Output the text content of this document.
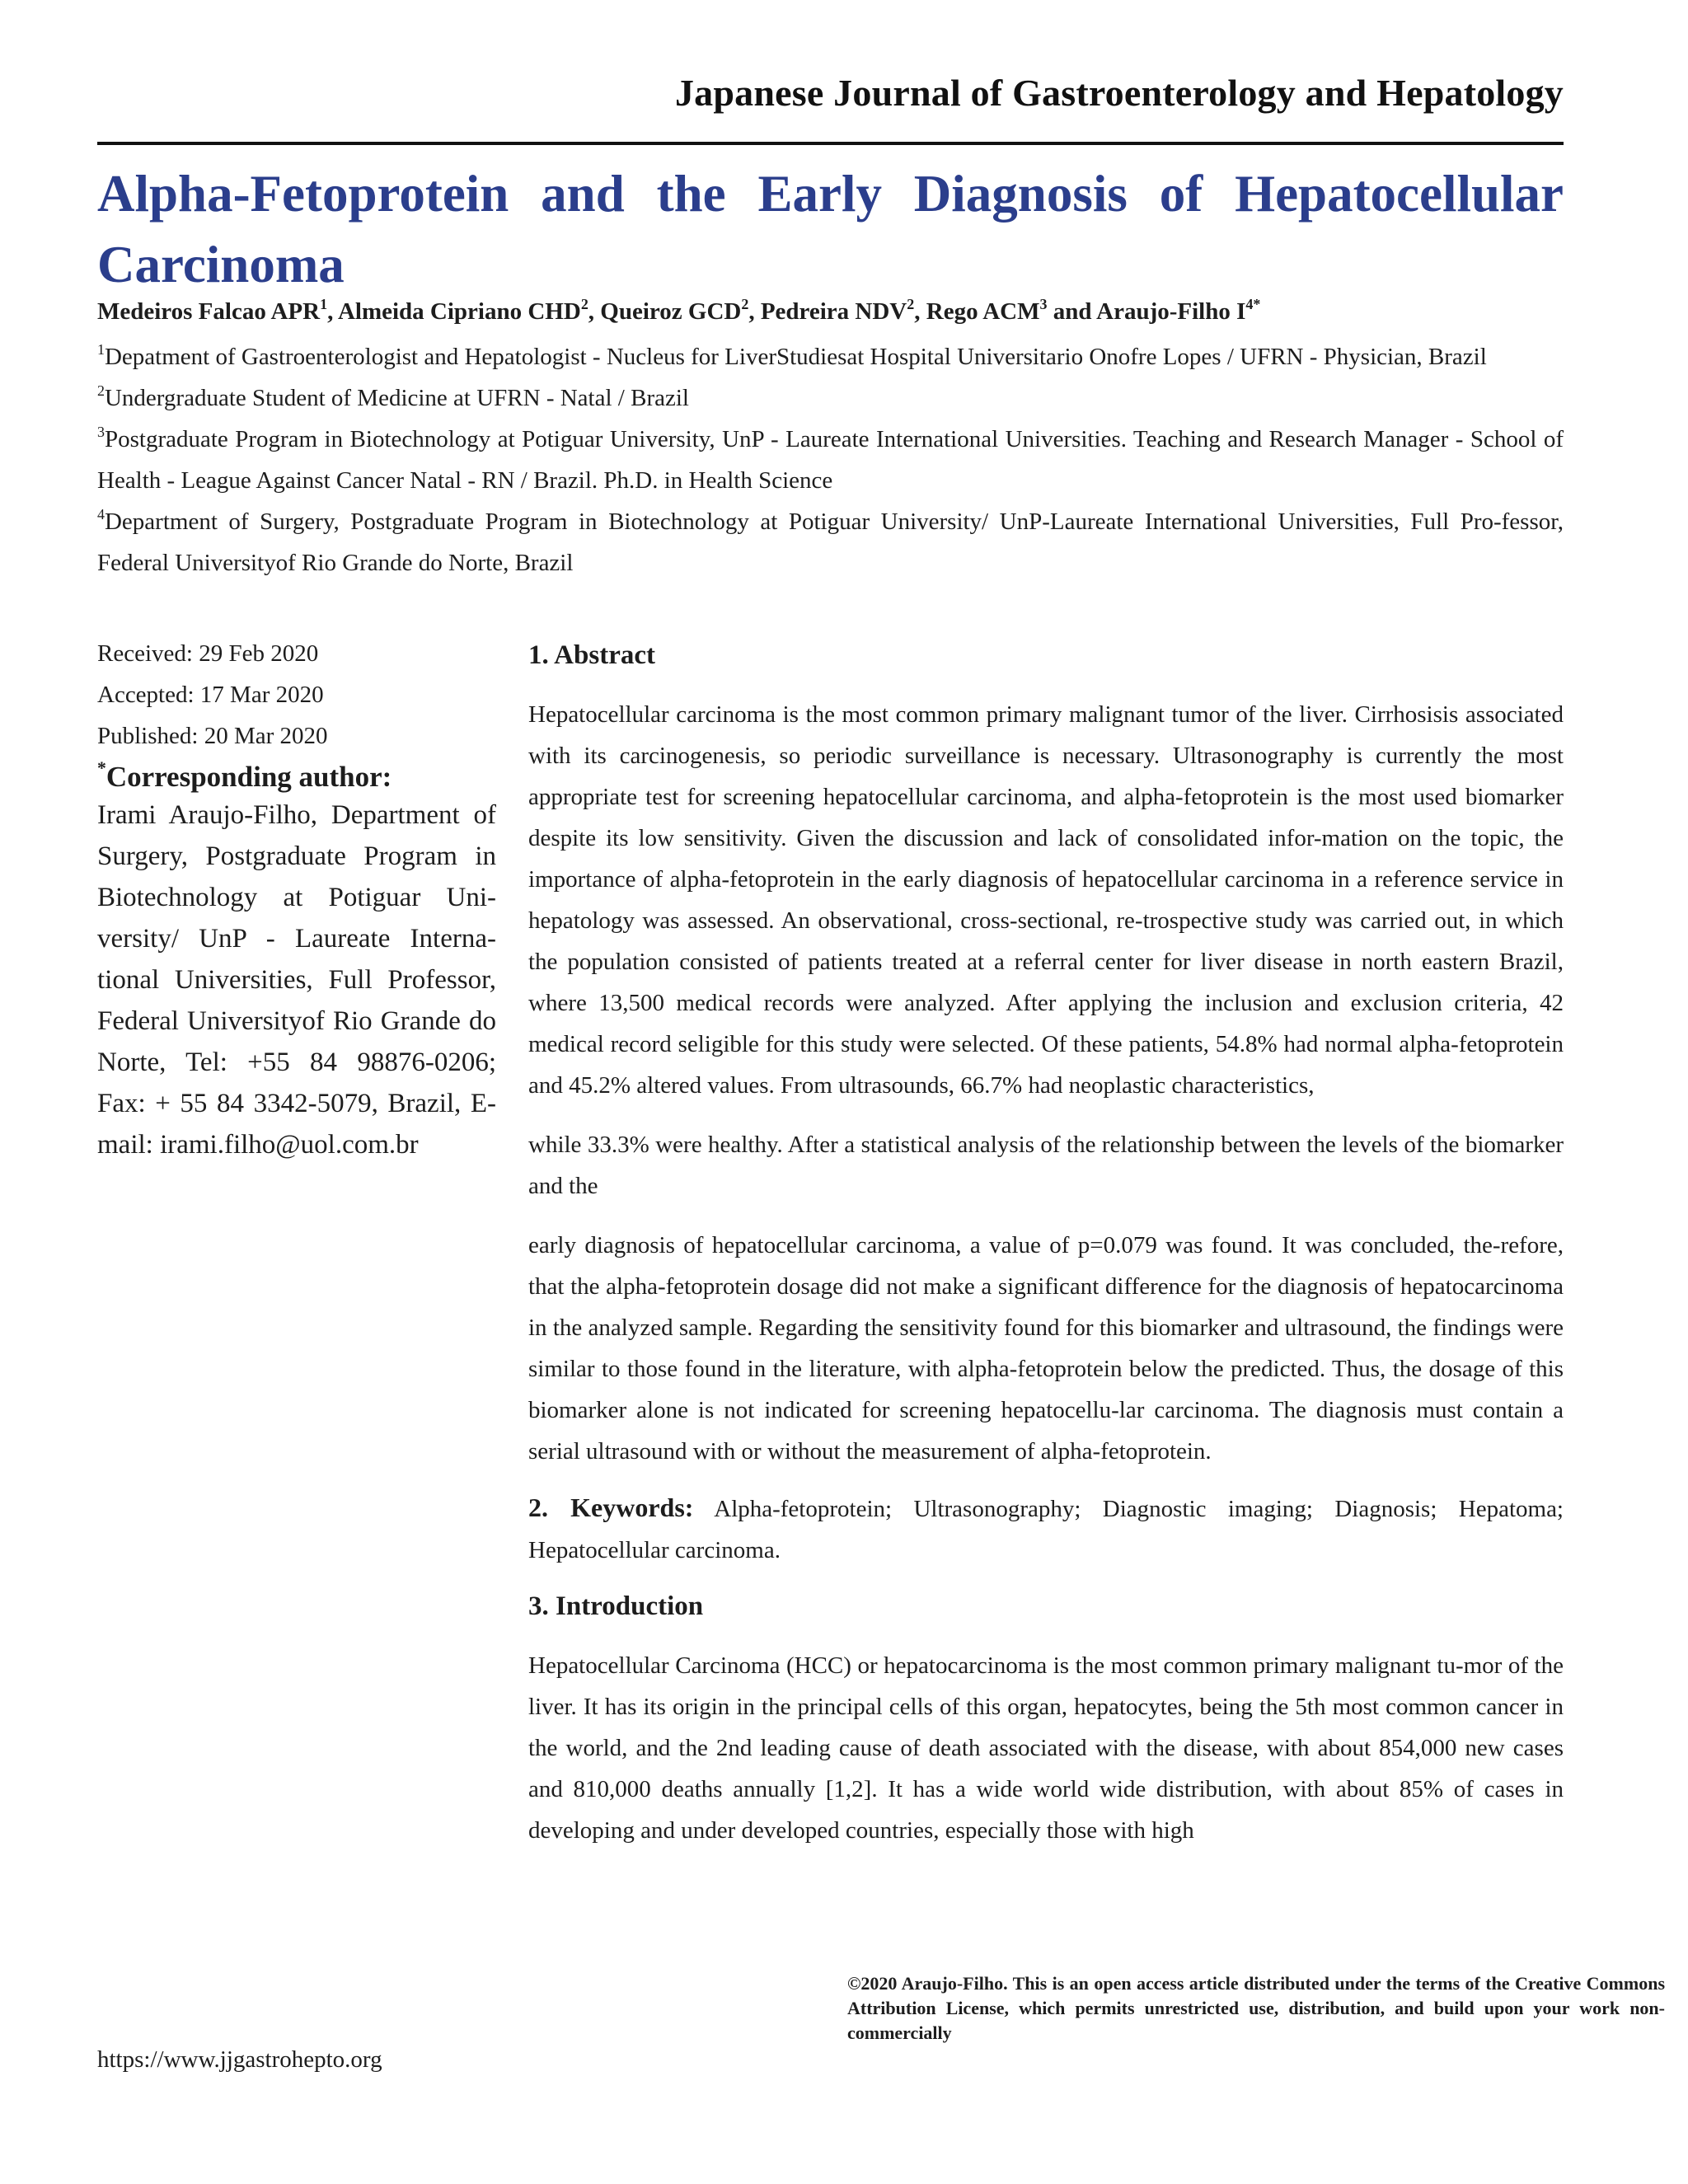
Japanese Journal of Gastroenterology and Hepatology
Alpha-Fetoprotein and the Early Diagnosis of Hepatocellular Carcinoma
Medeiros Falcao APR$^1$, Almeida Cipriano CHD$^2$, Queiroz GCD$^2$, Pedreira NDV$^2$, Rego ACM$^3$ and Araujo-Filho $I^{4*}$
$^1$Depatment of Gastroenterologist and Hepatologist - Nucleus for LiverStudiesat Hospital Universitario Onofre Lopes / UFRN - Physician, Brazil
$^2$Undergraduate Student of Medicine at UFRN - Natal / Brazil
$^3$Postgraduate Program in Biotechnology at Potiguar University, UnP - Laureate International Universities. Teaching and Research Manager - School of Health - League Against Cancer Natal - RN / Brazil. Ph.D. in Health Science
$^4$Department of Surgery, Postgraduate Program in Biotechnology at Potiguar University/ UnP-Laureate International Universities, Full Pro-fessor, Federal Universityof Rio Grande do Norte, Brazil
Received: 29 Feb 2020
Accepted: 17 Mar 2020
Published: 20 Mar 2020
*Corresponding author:
Irami Araujo-Filho, Department of Surgery, Postgraduate Program in Biotechnology at Potiguar Uni-versity/ UnP - Laureate Interna-tional Universities, Full Professor, Federal Universityof Rio Grande do Norte, Tel: +55 84 98876-0206; Fax: + 55 84 3342-5079, Brazil, E-mail: irami.filho@uol.com.br
1. Abstract

Hepatocellular carcinoma is the most common primary malignant tumor of the liver. Cirrhosisis associated with its carcinogenesis, so periodic surveillance is necessary. Ultrasonography is currently the most appropriate test for screening hepatocellular carcinoma, and alpha-fetoprotein is the most used biomarker despite its low sensitivity. Given the discussion and lack of consolidated infor-mation on the topic, the importance of alpha-fetoprotein in the early diagnosis of hepatocellular carcinoma in a reference service in hepatology was assessed. An observational, cross-sectional, re-trospective study was carried out, in which the population consisted of patients treated at a referral center for liver disease in north eastern Brazil, where 13,500 medical records were analyzed. After applying the inclusion and exclusion criteria, 42 medical record seligible for this study were selected. Of these patients, 54.8% had normal alpha-fetoprotein and 45.2% altered values. From ultrasounds, 66.7% had neoplastic characteristics,

while 33.3% were healthy. After a statistical analysis of the relationship between the levels of the biomarker and the

early diagnosis of hepatocellular carcinoma, a value of p=0.079 was found. It was concluded, the-refore, that the alpha-fetoprotein dosage did not make a significant difference for the diagnosis of hepatocarcinoma in the analyzed sample. Regarding the sensitivity found for this biomarker and ultrasound, the findings were similar to those found in the literature, with alpha-fetoprotein below the predicted. Thus, the dosage of this biomarker alone is not indicated for screening hepatocellu-lar carcinoma. The diagnosis must contain a serial ultrasound with or without the measurement of alpha-fetoprotein.

2. Keywords: Alpha-fetoprotein; Ultrasonography; Diagnostic imaging; Diagnosis; Hepatoma; Hepatocellular carcinoma.

3. Introduction

Hepatocellular Carcinoma (HCC) or hepatocarcinoma is the most common primary malignant tu-mor of the liver. It has its origin in the principal cells of this organ, hepatocytes, being the 5th most common cancer in the world, and the 2nd leading cause of death associated with the disease, with about 854,000 new cases and 810,000 deaths annually [1,2]. It has a wide world wide distribution, with about 85% of cases in developing and under developed countries, especially those with high

©2020 Araujo-Filho. This is an open access article distributed under the terms of the Creative Commons Attribution License, which permits unrestricted use, distribution, and build upon your work non-commercially
https://www.jjgastrohepto.org
